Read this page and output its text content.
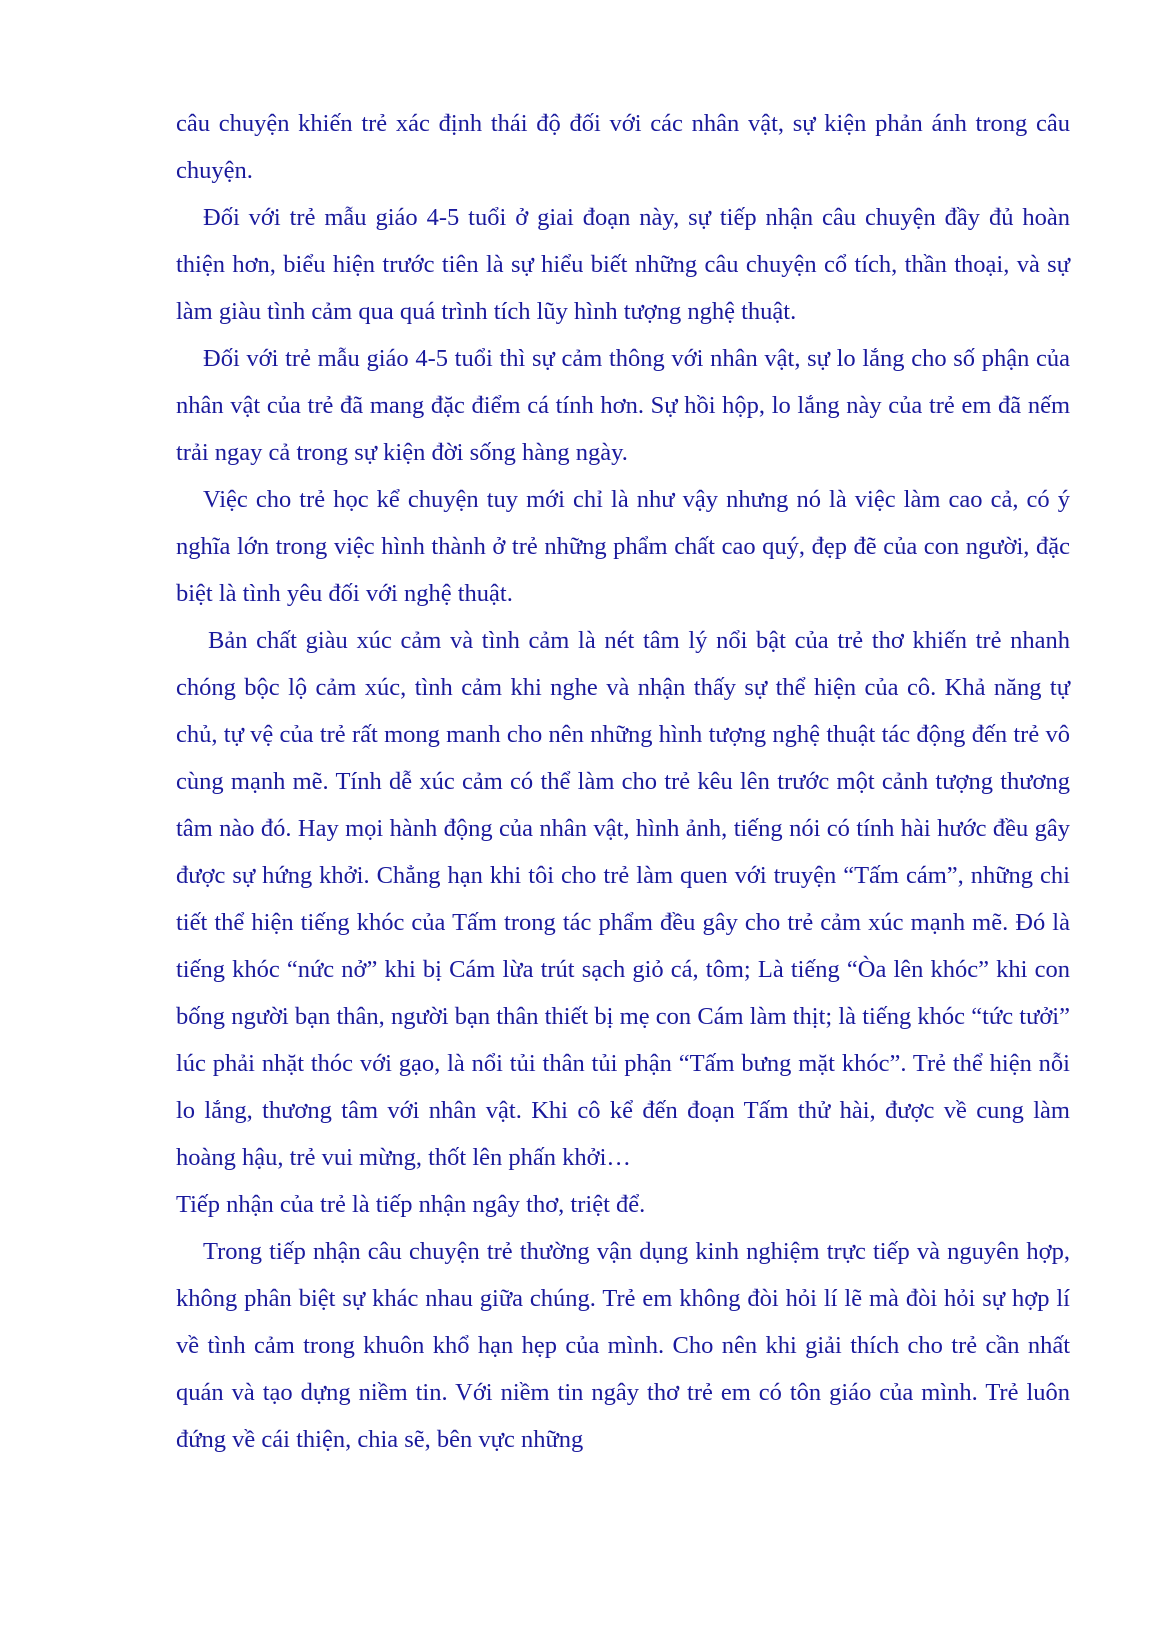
câu chuyện khiến trẻ xác định thái độ đối với các nhân vật, sự kiện phản ánh trong câu chuyện.

Đối với trẻ mẫu giáo 4-5 tuổi ở giai đoạn này, sự tiếp nhận câu chuyện đầy đủ hoàn thiện hơn, biểu hiện trước tiên là sự hiểu biết những câu chuyện cổ tích, thần thoại, và sự làm giàu tình cảm qua quá trình tích lũy hình tượng nghệ thuật.

Đối với trẻ mẫu giáo 4-5 tuổi thì sự cảm thông với nhân vật, sự lo lắng cho số phận của nhân vật của trẻ đã mang đặc điểm cá tính hơn. Sự hồi hộp, lo lắng này của trẻ em đã nếm trải ngay cả trong sự kiện đời sống hàng ngày.

Việc cho trẻ học kể chuyện tuy mới chỉ là như vậy nhưng nó là việc làm cao cả, có ý nghĩa lớn trong việc hình thành ở trẻ những phẩm chất cao quý, đẹp đẽ của con người, đặc biệt là tình yêu đối với nghệ thuật.

Bản chất giàu xúc cảm và tình cảm là nét tâm lý nổi bật của trẻ thơ khiến trẻ nhanh chóng bộc lộ cảm xúc, tình cảm khi nghe và nhận thấy sự thể hiện của cô. Khả năng tự chủ, tự vệ của trẻ rất mong manh cho nên những hình tượng nghệ thuật tác động đến trẻ vô cùng mạnh mẽ. Tính dễ xúc cảm có thể làm cho trẻ kêu lên trước một cảnh tượng thương tâm nào đó. Hay mọi hành động của nhân vật, hình ảnh, tiếng nói có tính hài hước đều gây được sự hứng khởi. Chẳng hạn khi tôi cho trẻ làm quen với truyện “Tấm cám”, những chi tiết thể hiện tiếng khóc của Tấm trong tác phẩm đều gây cho trẻ cảm xúc mạnh mẽ. Đó là tiếng khóc “nức nở” khi bị Cám lừa trút sạch giỏ cá, tôm; Là tiếng “Òa lên khóc” khi con bống người bạn thân, người bạn thân thiết bị mẹ con Cám làm thịt; là tiếng khóc “tức tưởi” lúc phải nhặt thóc với gạo, là nổi tủi thân tủi phận “Tấm bưng mặt khóc”. Trẻ thể hiện nỗi lo lắng, thương tâm với nhân vật. Khi cô kể đến đoạn Tấm thử hài, được về cung làm hoàng hậu, trẻ vui mừng, thốt lên phấn khởi…

Tiếp nhận của trẻ là tiếp nhận ngây thơ, triệt để.

Trong tiếp nhận câu chuyện trẻ thường vận dụng kinh nghiệm trực tiếp và nguyên hợp, không phân biệt sự khác nhau giữa chúng. Trẻ em không đòi hỏi lí lẽ mà đòi hỏi sự hợp lí về tình cảm trong khuôn khổ hạn hẹp của mình. Cho nên khi giải thích cho trẻ cần nhất quán và tạo dựng niềm tin. Với niềm tin ngây thơ trẻ em có tôn giáo của mình. Trẻ luôn đứng về cái thiện, chia sẽ, bên vực những
